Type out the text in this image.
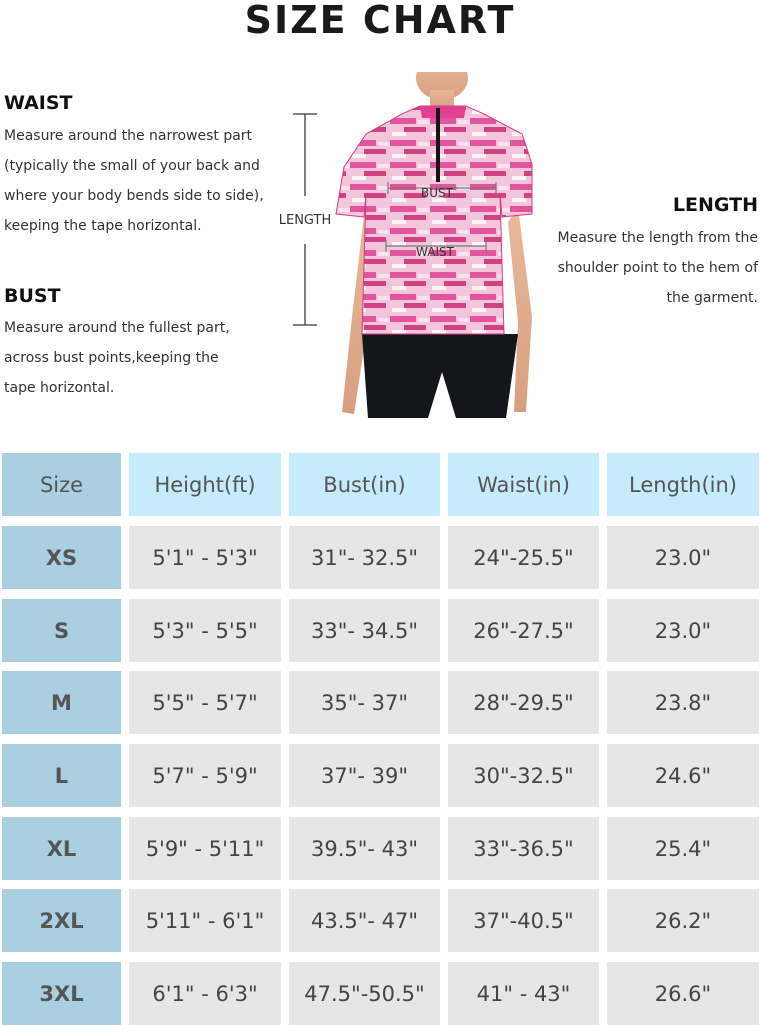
SIZE CHART
WAIST
Measure around the narrowest part
(typically the small of your back and
where your body bends side to side),
keeping the tape horizontal.
BUST
Measure around the fullest part,
across bust points,keeping the
tape horizontal.
LENGTH
Measure the length from the
shoulder point to the hem of
the garment.
LENGTH
BUST
WAIST
Size	Height(ft)	Bust(in)	Waist(in)	Length(in)
XS	5'1" - 5'3"	31"- 32.5"	24"-25.5"	23.0"
S	5'3" - 5'5"	33"- 34.5"	26"-27.5"	23.0"
M	5'5" - 5'7"	35"- 37"	28"-29.5"	23.8"
L	5'7" - 5'9"	37"- 39"	30"-32.5"	24.6"
XL	5'9" - 5'11"	39.5"- 43"	33"-36.5"	25.4"
2XL	5'11" - 6'1"	43.5"- 47"	37"-40.5"	26.2"
3XL	6'1" - 6'3"	47.5"-50.5"	41" - 43"	26.6"
